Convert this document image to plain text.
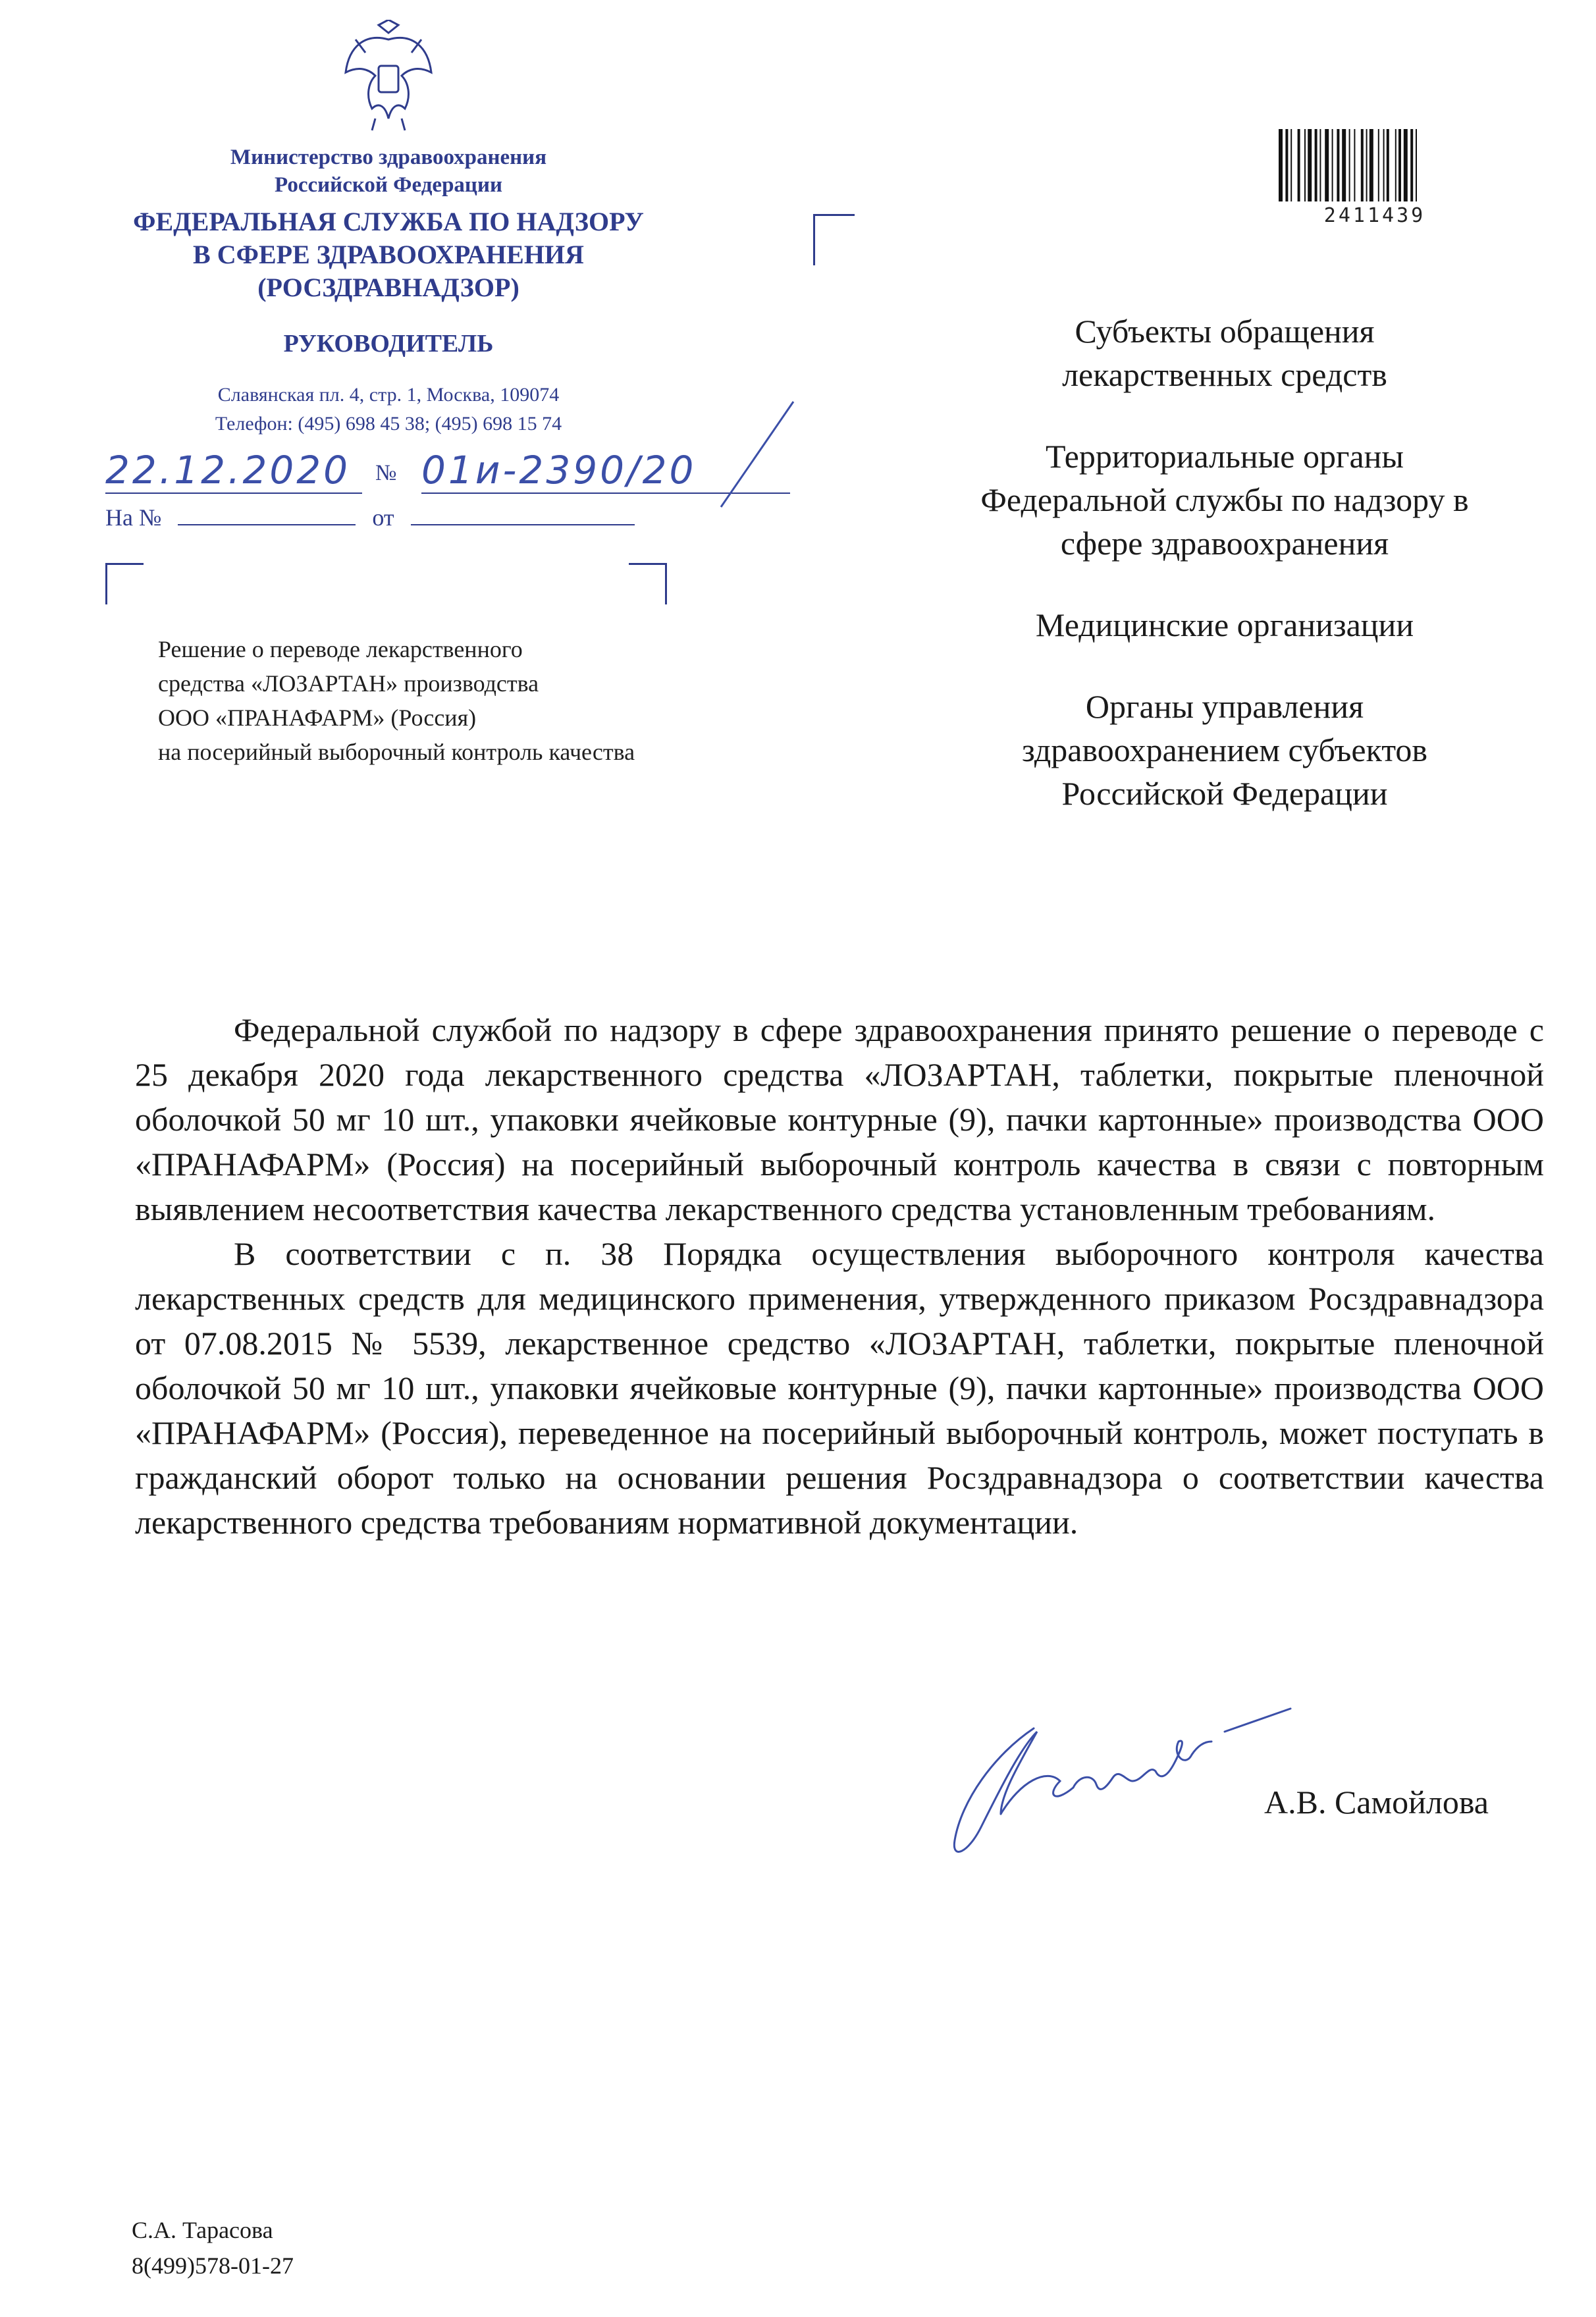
Министерство здравоохранения
Российской Федерации
ФЕДЕРАЛЬНАЯ СЛУЖБА ПО НАДЗОРУ
В СФЕРЕ ЗДРАВООХРАНЕНИЯ
(РОСЗДРАВНАДЗОР)
РУКОВОДИТЕЛЬ
Славянская пл. 4, стр. 1, Москва, 109074
Телефон: (495) 698 45 38; (495) 698 15 74
22.12.2020	№ 01и-2390/20
На №	от
Решение о переводе лекарственного
средства «ЛОЗАРТАН» производства
ООО «ПРАНАФАРМ» (Россия)
на посерийный выборочный контроль качества
2411439
Субъекты обращения
лекарственных средств
Территориальные органы
Федеральной службы по надзору в
сфере здравоохранения
Медицинские организации
Органы управления
здравоохранением субъектов
Российской Федерации

Федеральной службой по надзору в сфере здравоохранения принято решение о переводе с 25 декабря 2020 года лекарственного средства «ЛОЗАРТАН, таблетки, покрытые пленочной оболочкой 50 мг 10 шт., упаковки ячейковые контурные (9), пачки картонные» производства ООО «ПРАНАФАРМ» (Россия) на посерийный выборочный контроль качества в связи с повторным выявлением несоответствия качества лекарственного средства установленным требованиям.

В соответствии с п. 38 Порядка осуществления выборочного контроля качества лекарственных средств для медицинского применения, утвержденного приказом Росздравнадзора от 07.08.2015 № 5539, лекарственное средство «ЛОЗАРТАН, таблетки, покрытые пленочной оболочкой 50 мг 10 шт., упаковки ячейковые контурные (9), пачки картонные» производства ООО «ПРАНАФАРМ» (Россия), переведенное на посерийный выборочный контроль, может поступать в гражданский оборот только на основании решения Росздравнадзора о соответствии качества лекарственного средства требованиям нормативной документации.

А.В. Самойлова
С.А. Тарасова
8(499)578-01-27
